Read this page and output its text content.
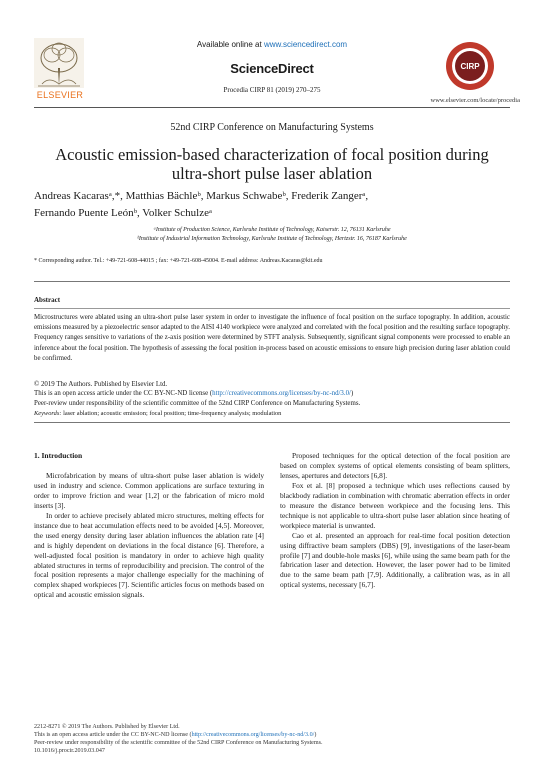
ELSEVIER
Available online at www.sciencedirect.com
ScienceDirect
Procedia CIRP 81 (2019) 270–275
CIRP
www.elsevier.com/locate/procedia
52nd CIRP Conference on Manufacturing Systems
Acoustic emission-based characterization of focal position during ultra-short pulse laser ablation
Andreas Kacarasᵃ,*, Matthias Bächleᵇ, Markus Schwabeᵇ, Frederik Zangerᵃ,
Fernando Puente Leónᵇ, Volker Schulzeᵃ
ᵃInstitute of Production Science, Karlsruhe Institute of Technology, Kaiserstr. 12, 76131 Karlsruhe
ᵇInstitute of Industrial Information Technology, Karlsruhe Institute of Technology, Hertzstr. 16, 76187 Karlsruhe
* Corresponding author. Tel.: +49-721-608-44015 ; fax: +49-721-608-45004. E-mail address: Andreas.Kacaras@kit.edu
Abstract
Microstructures were ablated using an ultra-short pulse laser system in order to investigate the influence of focal position on the surface topography. In addition, acoustic emissions measured by a piezoelectric sensor adapted to the AISI 4140 workpiece were analyzed and correlated with the focal position and the resulting surface topography. Frequency ranges sensitive to variations of the z-axis position were determined by STFT analysis. Subsequently, significant signal components were processed to enable an inference about the focal position. The hypothesis of assessing the focal position in-process based on acoustic emissions to ensure high precision during laser ablation could be confirmed.
© 2019 The Authors. Published by Elsevier Ltd.
This is an open access article under the CC BY-NC-ND license (http://creativecommons.org/licenses/by-nc-nd/3.0/)
Peer-review under responsibility of the scientific committee of the 52nd CIRP Conference on Manufacturing Systems.
Keywords: laser ablation; acoustic emission; focal position; time-frequency analysis; modulation

1. Introduction

Microfabrication by means of ultra-short pulse laser ablation is widely used in industry and science. Common applications are surface texturing in order to improve friction and wear [1,2] or the fabrication of micro mold inserts [3].

In order to achieve precisely ablated micro structures, melting effects for instance due to heat accumulation effects need to be avoided [4,5]. Moreover, the used energy density during laser ablation influences the ablation rate [4] and is highly dependent on deviations in the focal distance [6]. Therefore, a well-adjusted focal position is mandatory in order to achieve high quality ablated structures in terms of reproducibility and precision. The control of the focal position represents a major challenge especially for the machining of complex shaped workpieces [7]. Scientific articles focus on methods based on optical and acoustic emission signals.

Proposed techniques for the optical detection of the focal position are based on complex systems of optical elements consisting of beam splitters, lenses, apertures and detectors [6,8].

Fox et al. [8] proposed a technique which uses reflections caused by blackbody radiation in combination with chromatic aberration effects in order to measure the distance between workpiece and the focusing lens. This technique is not applicable to ultra-short pulse laser ablation since heating of workpiece material is unwanted.

Cao et al. presented an approach for real-time focal position detection using diffractive beam samplers (DBS) [9], investigations of the laser-beam profile [7] and double-hole masks [6], while using the same beam path for the fabrication laser and detection. However, the laser power had to be limited due to the same beam path [7,9]. Additionally, a calibration was, as in all optical systems, necessary [6,7].

2212-8271 © 2019 The Authors. Published by Elsevier Ltd.
This is an open access article under the CC BY-NC-ND license (http://creativecommons.org/licenses/by-nc-nd/3.0/)
Peer-review under responsibility of the scientific committee of the 52nd CIRP Conference on Manufacturing Systems.
10.1016/j.procir.2019.03.047
